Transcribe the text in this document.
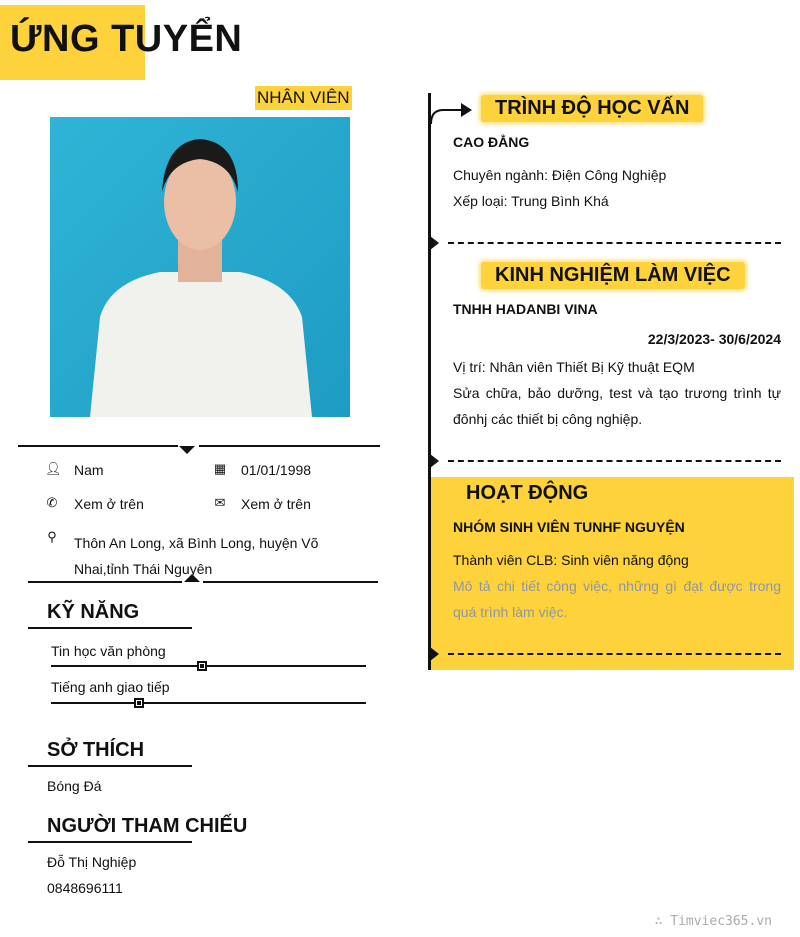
ỨNG TUYỂN
NHÂN VIÊN
👤︎ Nam	▦ 01/01/1998
✆ Xem ở trên	✉ Xem ở trên
⚲ Thôn An Long, xã Bình Long, huyện Võ Nhai,tỉnh Thái Nguyên
KỸ NĂNG
Tin học văn phòng
Tiếng anh giao tiếp
SỞ THÍCH
Bóng Đá
NGƯỜI THAM CHIẾU
Đỗ Thị Nghiệp
0848696111
TRÌNH ĐỘ HỌC VẤN
CAO ĐẲNG
Chuyên ngành: Điện Công Nghiệp
Xếp loại: Trung Bình Khá
KINH NGHIỆM LÀM VIỆC
TNHH HADANBI VINA
22/3/2023- 30/6/2024
Vị trí: Nhân viên Thiết Bị Kỹ thuật EQM
Sửa chữa, bảo dưỡng, test và tạo trương trình tự đônhj các thiết bị công nghiệp.
HOẠT ĐỘNG
NHÓM SINH VIÊN TUNHF NGUYỆN
Thành viên CLB: Sinh viên năng động
Mô tả chi tiết công việc, những gì đạt được trong quá trình làm việc.
∴ Timviec365.vn
